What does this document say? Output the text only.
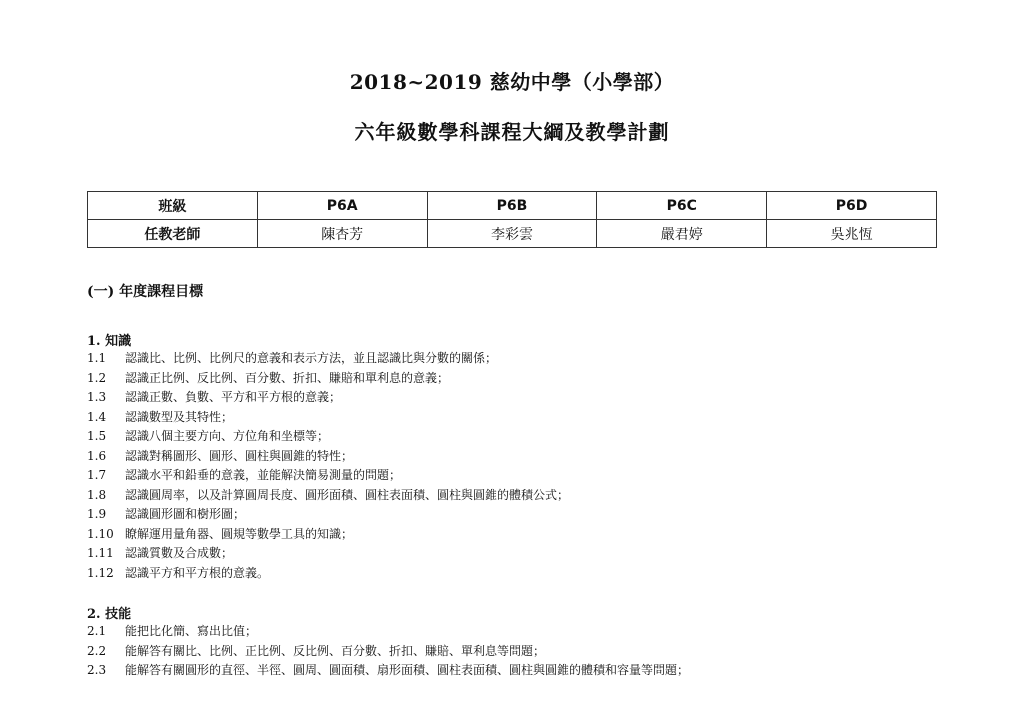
2018~2019 慈幼中學（小學部）
六年級數學科課程大綱及教學計劃
班級	P6A	P6B	P6C	P6D
任教老師	陳杏芳	李彩雲	嚴君婷	吳兆恆
(一) 年度課程目標
1. 知識
1.1 認識比、比例、比例尺的意義和表示方法，並且認識比與分數的關係；
1.2 認識正比例、反比例、百分數、折扣、賺賠和單利息的意義；
1.3 認識正數、負數、平方和平方根的意義；
1.4 認識數型及其特性；
1.5 認識八個主要方向、方位角和坐標等；
1.6 認識對稱圖形、圓形、圓柱與圓錐的特性；
1.7 認識水平和鉛垂的意義，並能解決簡易測量的問題；
1.8 認識圓周率，以及計算圓周長度、圓形面積、圓柱表面積、圓柱與圓錐的體積公式；
1.9 認識圓形圖和樹形圖；
1.10 瞭解運用量角器、圓規等數學工具的知識；
1.11 認識質數及合成數；
1.12 認識平方和平方根的意義。
2. 技能
2.1 能把比化簡、寫出比值；
2.2 能解答有關比、比例、正比例、反比例、百分數、折扣、賺賠、單利息等問題；
2.3 能解答有關圓形的直徑、半徑、圓周、圓面積、扇形面積、圓柱表面積、圓柱與圓錐的體積和容量等問題；
